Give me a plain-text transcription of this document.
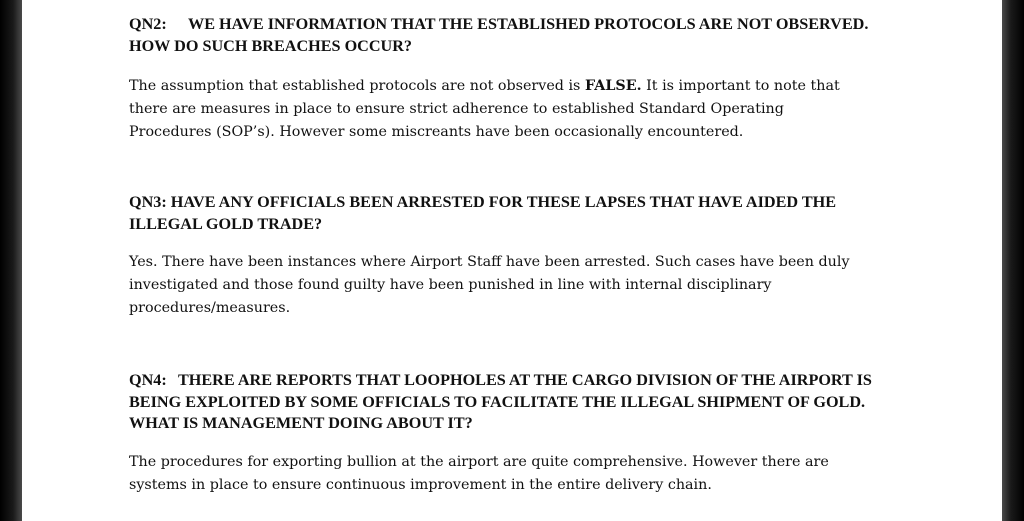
QN2: WE HAVE INFORMATION THAT THE ESTABLISHED PROTOCOLS ARE NOT OBSERVED.
HOW DO SUCH BREACHES OCCUR?
The assumption that established protocols are not observed is FALSE. It is important to note that
there are measures in place to ensure strict adherence to established Standard Operating
Procedures (SOP’s). However some miscreants have been occasionally encountered.
QN3: HAVE ANY OFFICIALS BEEN ARRESTED FOR THESE LAPSES THAT HAVE AIDED THE
ILLEGAL GOLD TRADE?
Yes. There have been instances where Airport Staff have been arrested. Such cases have been duly
investigated and those found guilty have been punished in line with internal disciplinary
procedures/measures.
QN4: THERE ARE REPORTS THAT LOOPHOLES AT THE CARGO DIVISION OF THE AIRPORT IS
BEING EXPLOITED BY SOME OFFICIALS TO FACILITATE THE ILLEGAL SHIPMENT OF GOLD.
WHAT IS MANAGEMENT DOING ABOUT IT?
The procedures for exporting bullion at the airport are quite comprehensive. However there are
systems in place to ensure continuous improvement in the entire delivery chain.
